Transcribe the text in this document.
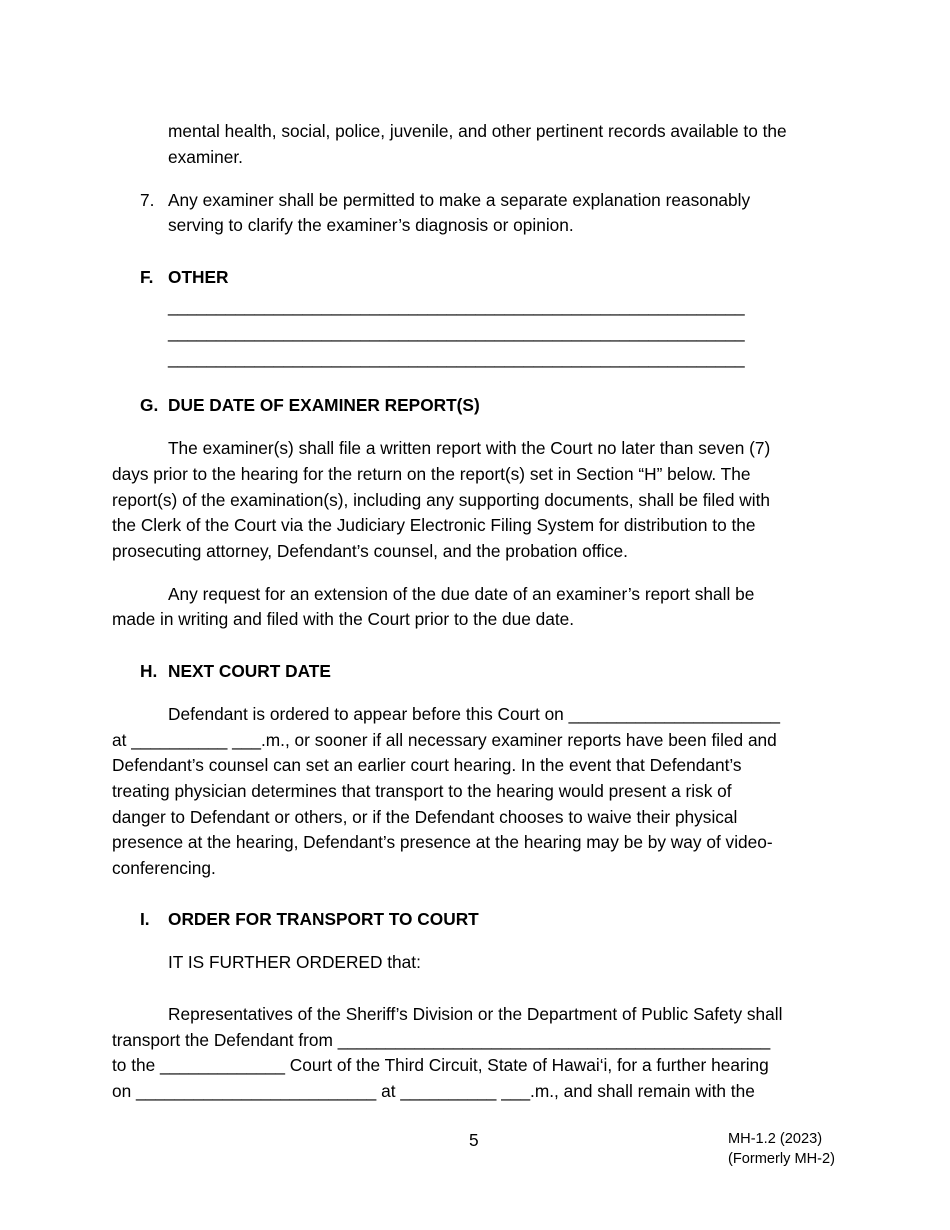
mental health, social, police, juvenile, and other pertinent records available to the
examiner.
7. Any examiner shall be permitted to make a separate explanation reasonably
serving to clarify the examiner’s diagnosis or opinion.
F. OTHER
____________________________________________________________
____________________________________________________________
____________________________________________________________
G. DUE DATE OF EXAMINER REPORT(S)
The examiner(s) shall file a written report with the Court no later than seven (7)
days prior to the hearing for the return on the report(s) set in Section “H” below. The
report(s) of the examination(s), including any supporting documents, shall be filed with
the Clerk of the Court via the Judiciary Electronic Filing System for distribution to the
prosecuting attorney, Defendant’s counsel, and the probation office.
Any request for an extension of the due date of an examiner’s report shall be
made in writing and filed with the Court prior to the due date.
H. NEXT COURT DATE
Defendant is ordered to appear before this Court on ______________________
at __________ ___.m., or sooner if all necessary examiner reports have been filed and
Defendant’s counsel can set an earlier court hearing. In the event that Defendant’s
treating physician determines that transport to the hearing would present a risk of
danger to Defendant or others, or if the Defendant chooses to waive their physical
presence at the hearing, Defendant’s presence at the hearing may be by way of video-
conferencing.
I. ORDER FOR TRANSPORT TO COURT
IT IS FURTHER ORDERED that:
Representatives of the Sheriff’s Division or the Department of Public Safety shall
transport the Defendant from _____________________________________________
to the _____________ Court of the Third Circuit, State of Hawai‘i, for a further hearing
on _________________________ at __________ ___.m., and shall remain with the
5	MH-1.2 (2023)
(Formerly MH-2)
